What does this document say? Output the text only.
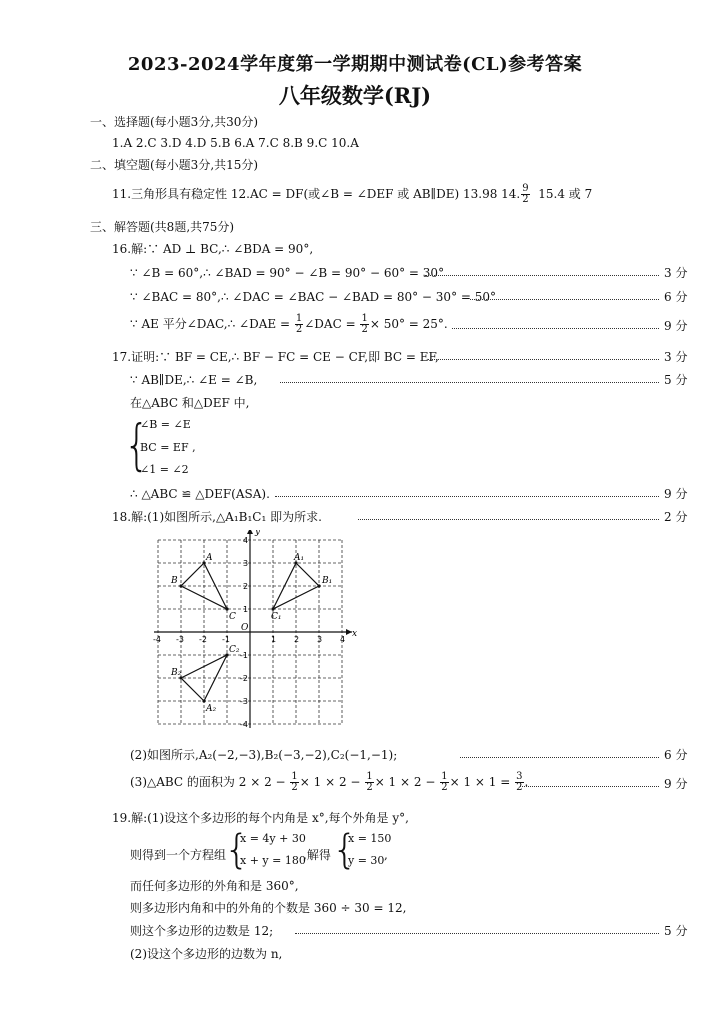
2023-2024学年度第一学期期中测试卷(CL)参考答案
八年级数学(RJ)
一、选择题(每小题3分,共30分)
1.A 2.C 3.D 4.D 5.B 6.A 7.C 8.B 9.C 10.A
二、填空题(每小题3分,共15分)
11.三角形具有稳定性 12.AC = DF(或∠B = ∠DEF 或 AB∥DE) 13.98 14. $\frac{9}{2} 15.4$ 或 7
三、解答题(共8题,共75分)
16.解:∵ AD ⊥ BC,∴ ∠BDA = 90°,
∵ ∠B = 60°,∴ ∠BAD = 90° − ∠B = 90° − 60° = 30°	3 分
∵ ∠BAC = 80°,∴ ∠DAC = ∠BAC − ∠BAD = 80° − 30° = 50°	6 分
∵ AE 平分∠DAC,∴ ∠DAE = $\frac{1}{2}$ ∠DAC = $\frac{1}{2} \times 50^\circ = 25^\circ$.	9 分
17.证明:∵ BF = CE,∴ BF − FC = CE − CF,即 BC = EF,	3 分
∵ AB∥DE,∴ ∠E = ∠B,	5 分
在△ABC 和△DEF 中,
{
∠B = ∠E
BC = EF ,
∠1 = ∠2
∴ △ABC ≌ △DEF(ASA).	9 分
18.解:(1)如图所示,△A₁B₁C₁ 即为所求.	2 分
x
y
O
-4 -3 -2 -1	1 2 3 4
4
3
2
1
-1
-2
-3
-4
A
B
C
A₁
B₁
C₁
A₂
B₂
C₂
(2)如图所示,A₂(−2,−3),B₂(−3,−2),C₂(−1,−1);	6 分
(3)△ABC 的面积为 $2 \times 2 - \frac{1}{2} \times 1 \times 2 - \frac{1}{2} \times 1 \times 2 - \frac{1}{2} \times 1 \times 1 = \frac{3}{2}$ .	9 分
19.解:(1)设这个多边形的每个内角是 x°,每个外角是 y°,
则得到一个方程组
{
x = 4y + 30
x + y = 180
,解得 {
x = 150
y = 30 ,
而任何多边形的外角和是 360°,
则多边形内角和中的外角的个数是 360 ÷ 30 = 12,
则这个多边形的边数是 12;	5 分
(2)设这个多边形的边数为 n,
